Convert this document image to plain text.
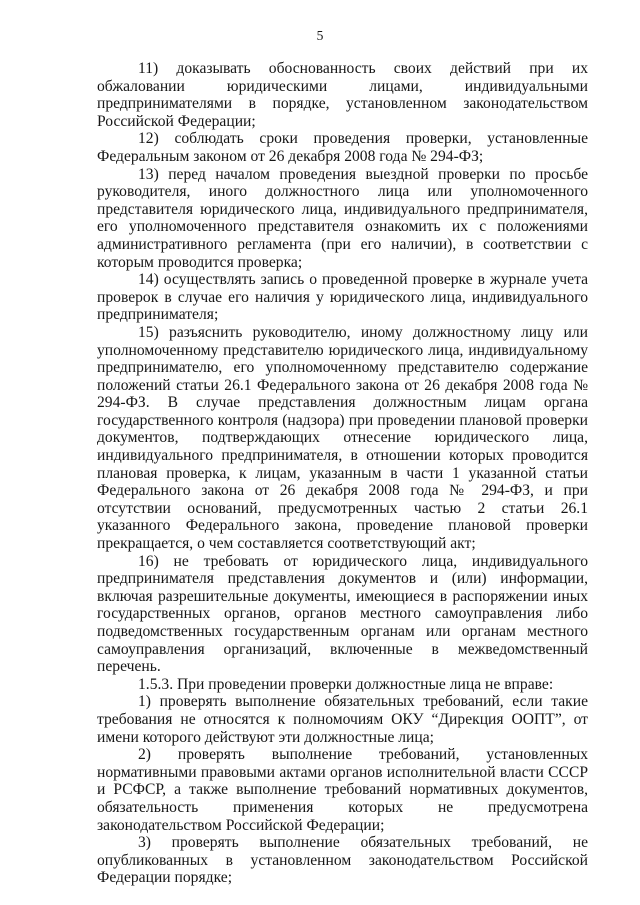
5

11) доказывать обоснованность своих действий при их обжаловании юридическими лицами, индивидуальными предпринимателями в порядке, установленном законодательством Российской Федерации;

12) соблюдать сроки проведения проверки, установленные Федеральным законом от 26 декабря 2008 года № 294-ФЗ;

13) перед началом проведения выездной проверки по просьбе руководителя, иного должностного лица или уполномоченного представителя юридического лица, индивидуального предпринимателя, его уполномоченного представителя ознакомить их с положениями административного регламента (при его наличии), в соответствии с которым проводится проверка;

14) осуществлять запись о проведенной проверке в журнале учета проверок в случае его наличия у юридического лица, индивидуального предпринимателя;

15) разъяснить руководителю, иному должностному лицу или уполномоченному представителю юридического лица, индивидуальному предпринимателю, его уполномоченному представителю содержание положений статьи 26.1 Федерального закона от 26 декабря 2008 года № 294-ФЗ. В случае представления должностным лицам органа государственного контроля (надзора) при проведении плановой проверки документов, подтверждающих отнесение юридического лица, индивидуального предпринимателя, в отношении которых проводится плановая проверка, к лицам, указанным в части 1 указанной статьи Федерального закона от 26 декабря 2008 года № 294-ФЗ, и при отсутствии оснований, предусмотренных частью 2 статьи 26.1 указанного Федерального закона, проведение плановой проверки прекращается, о чем составляется соответствующий акт;

16) не требовать от юридического лица, индивидуального предпринимателя представления документов и (или) информации, включая разрешительные документы, имеющиеся в распоряжении иных государственных органов, органов местного самоуправления либо подведомственных государственным органам или органам местного самоуправления организаций, включенные в межведомственный перечень.

1.5.3. При проведении проверки должностные лица не вправе:

1) проверять выполнение обязательных требований, если такие требования не относятся к полномочиям ОКУ “Дирекция ООПТ”, от имени которого действуют эти должностные лица;

2) проверять выполнение требований, установленных нормативными правовыми актами органов исполнительной власти СССР и РСФСР, а также выполнение требований нормативных документов, обязательность применения которых не предусмотрена законодательством Российской Федерации;

3) проверять выполнение обязательных требований, не опубликованных в установленном законодательством Российской Федерации порядке;
